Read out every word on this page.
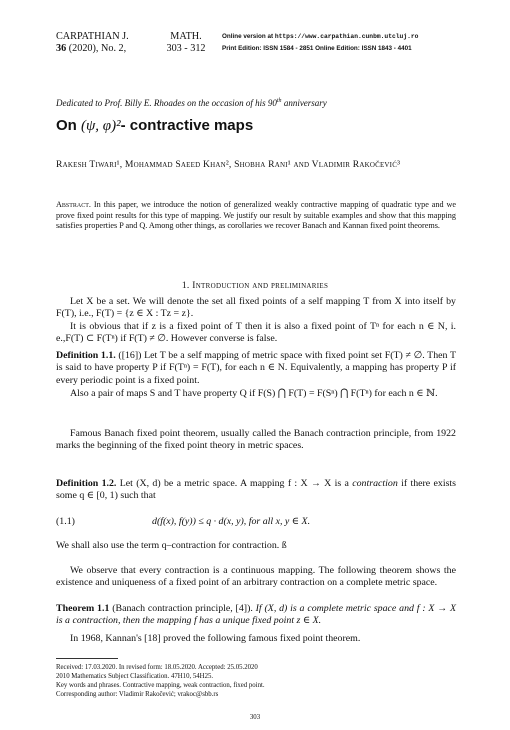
CARPATHIAN J.
36 (2020), No. 2,
MATH.
303 - 312
Online version at https://www.carpathian.cunbm.utcluj.ro
Print Edition: ISSN 1584 - 2851 Online Edition: ISSN 1843 - 4401
Dedicated to Prof. Billy E. Rhoades on the occasion of his 90th anniversary
On (ψ, φ)²- contractive maps
Rakesh Tiwari¹, Mohammad Saeed Khan², Shobha Rani¹ and Vladimir Rakočević³
Abstract. In this paper, we introduce the notion of generalized weakly contractive mapping of quadratic type and we prove fixed point results for this type of mapping. We justify our result by suitable examples and show that this mapping satisfies properties P and Q. Among other things, as corollaries we recover Banach and Kannan fixed point theorems.
1. Introduction and preliminaries
Let X be a set. We will denote the set all fixed points of a self mapping T from X into itself by F(T), i.e., F(T) = {z ∈ X : Tz = z}.
It is obvious that if z is a fixed point of T then it is also a fixed point of Tⁿ for each n ∈ N, i. e.,F(T) ⊂ F(Tⁿ) if F(T) ≠ ∅. However converse is false.
Definition 1.1. ([16]) Let T be a self mapping of metric space with fixed point set F(T) ≠ ∅. Then T is said to have property P if F(Tⁿ) = F(T), for each n ∈ N. Equivalently, a mapping has property P if every periodic point is a fixed point.
Also a pair of maps S and T have property Q if F(S) ⋂ F(T) = F(Sⁿ) ⋂ F(Tⁿ) for each n ∈ ℕ.
Famous Banach fixed point theorem, usually called the Banach contraction principle, from 1922 marks the beginning of the fixed point theory in metric spaces.
Definition 1.2. Let (X, d) be a metric space. A mapping f : X → X is a contraction if there exists some q ∈ [0, 1) such that
(1.1)	d(f(x), f(y)) ≤ q · d(x, y), for all x, y ∈ X.
We shall also use the term q–contraction for contraction. ß
We observe that every contraction is a continuous mapping. The following theorem shows the existence and uniqueness of a fixed point of an arbitrary contraction on a complete metric space.
Theorem 1.1 (Banach contraction principle, [4]). If (X, d) is a complete metric space and f : X → X is a contraction, then the mapping f has a unique fixed point z ∈ X.
In 1968, Kannan's [18] proved the following famous fixed point theorem.
Received: 17.03.2020. In revised form: 18.05.2020. Accepted: 25.05.2020
2010 Mathematics Subject Classification. 47H10, 54H25.
Key words and phrases. Contractive mapping, weak contraction, fixed point.
Corresponding author: Vladimir Rakočević; vrakoc@sbb.rs
303
